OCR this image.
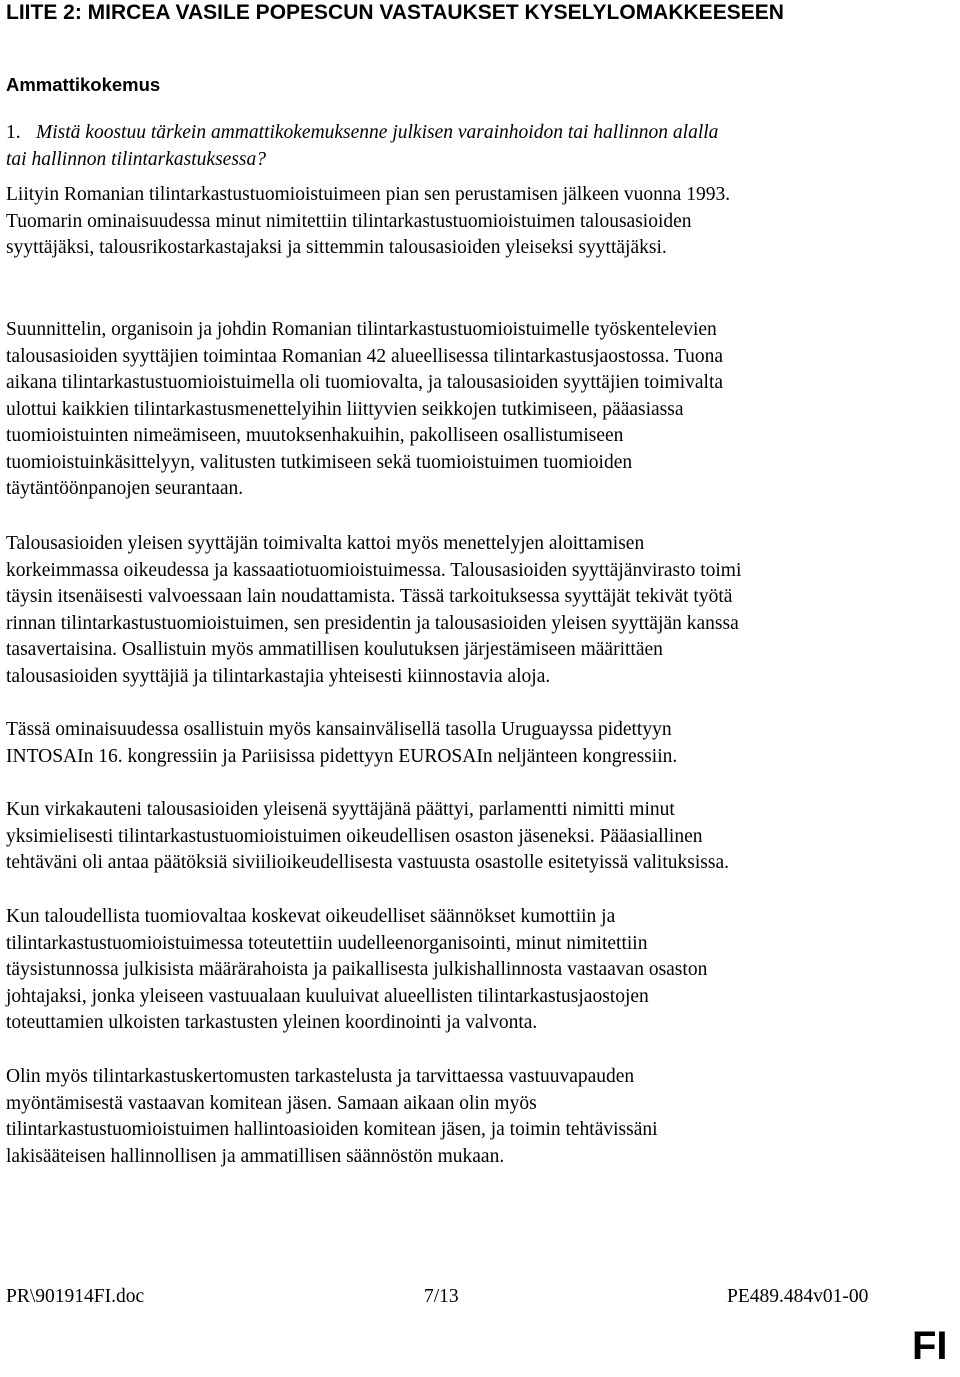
LIITE 2: MIRCEA VASILE POPESCUN VASTAUKSET KYSELYLOMAKKEESEEN
Ammattikokemus

1. Mistä koostuu tärkein ammattikokemuksenne julkisen varainhoidon tai hallinnon alalla
tai hallinnon tilintarkastuksessa?

Liityin Romanian tilintarkastustuomioistuimeen pian sen perustamisen jälkeen vuonna 1993.
Tuomarin ominaisuudessa minut nimitettiin tilintarkastustuomioistuimen talousasioiden
syyttäjäksi, talousrikostarkastajaksi ja sittemmin talousasioiden yleiseksi syyttäjäksi.

Suunnittelin, organisoin ja johdin Romanian tilintarkastustuomioistuimelle työskentelevien
talousasioiden syyttäjien toimintaa Romanian 42 alueellisessa tilintarkastusjaostossa. Tuona
aikana tilintarkastustuomioistuimella oli tuomiovalta, ja talousasioiden syyttäjien toimivalta
ulottui kaikkien tilintarkastusmenettelyihin liittyvien seikkojen tutkimiseen, pääasiassa
tuomioistuinten nimeämiseen, muutoksenhakuihin, pakolliseen osallistumiseen
tuomioistuinkäsittelyyn, valitusten tutkimiseen sekä tuomioistuimen tuomioiden
täytäntöönpanojen seurantaan.

Talousasioiden yleisen syyttäjän toimivalta kattoi myös menettelyjen aloittamisen
korkeimmassa oikeudessa ja kassaatiotuomioistuimessa. Talousasioiden syyttäjänvirasto toimi
täysin itsenäisesti valvoessaan lain noudattamista. Tässä tarkoituksessa syyttäjät tekivät työtä
rinnan tilintarkastustuomioistuimen, sen presidentin ja talousasioiden yleisen syyttäjän kanssa
tasavertaisina. Osallistuin myös ammatillisen koulutuksen järjestämiseen määrittäen
talousasioiden syyttäjiä ja tilintarkastajia yhteisesti kiinnostavia aloja.

Tässä ominaisuudessa osallistuin myös kansainvälisellä tasolla Uruguayssa pidettyyn
INTOSAIn 16. kongressiin ja Pariisissa pidettyyn EUROSAIn neljänteen kongressiin.

Kun virkakauteni talousasioiden yleisenä syyttäjänä päättyi, parlamentti nimitti minut
yksimielisesti tilintarkastustuomioistuimen oikeudellisen osaston jäseneksi. Pääasiallinen
tehtäväni oli antaa päätöksiä siviilioikeudellisesta vastuusta osastolle esitetyissä valituksissa.

Kun taloudellista tuomiovaltaa koskevat oikeudelliset säännökset kumottiin ja
tilintarkastustuomioistuimessa toteutettiin uudelleenorganisointi, minut nimitettiin
täysistunnossa julkisista määrärahoista ja paikallisesta julkishallinnosta vastaavan osaston
johtajaksi, jonka yleiseen vastuualaan kuuluivat alueellisten tilintarkastusjaostojen
toteuttamien ulkoisten tarkastusten yleinen koordinointi ja valvonta.

Olin myös tilintarkastuskertomusten tarkastelusta ja tarvittaessa vastuuvapauden
myöntämisestä vastaavan komitean jäsen. Samaan aikaan olin myös
tilintarkastustuomioistuimen hallintoasioiden komitean jäsen, ja toimin tehtävissäni
lakisääteisen hallinnollisen ja ammatillisen säännöstön mukaan.

PR\901914FI.doc	7/13	PE489.484v01-00
FI
